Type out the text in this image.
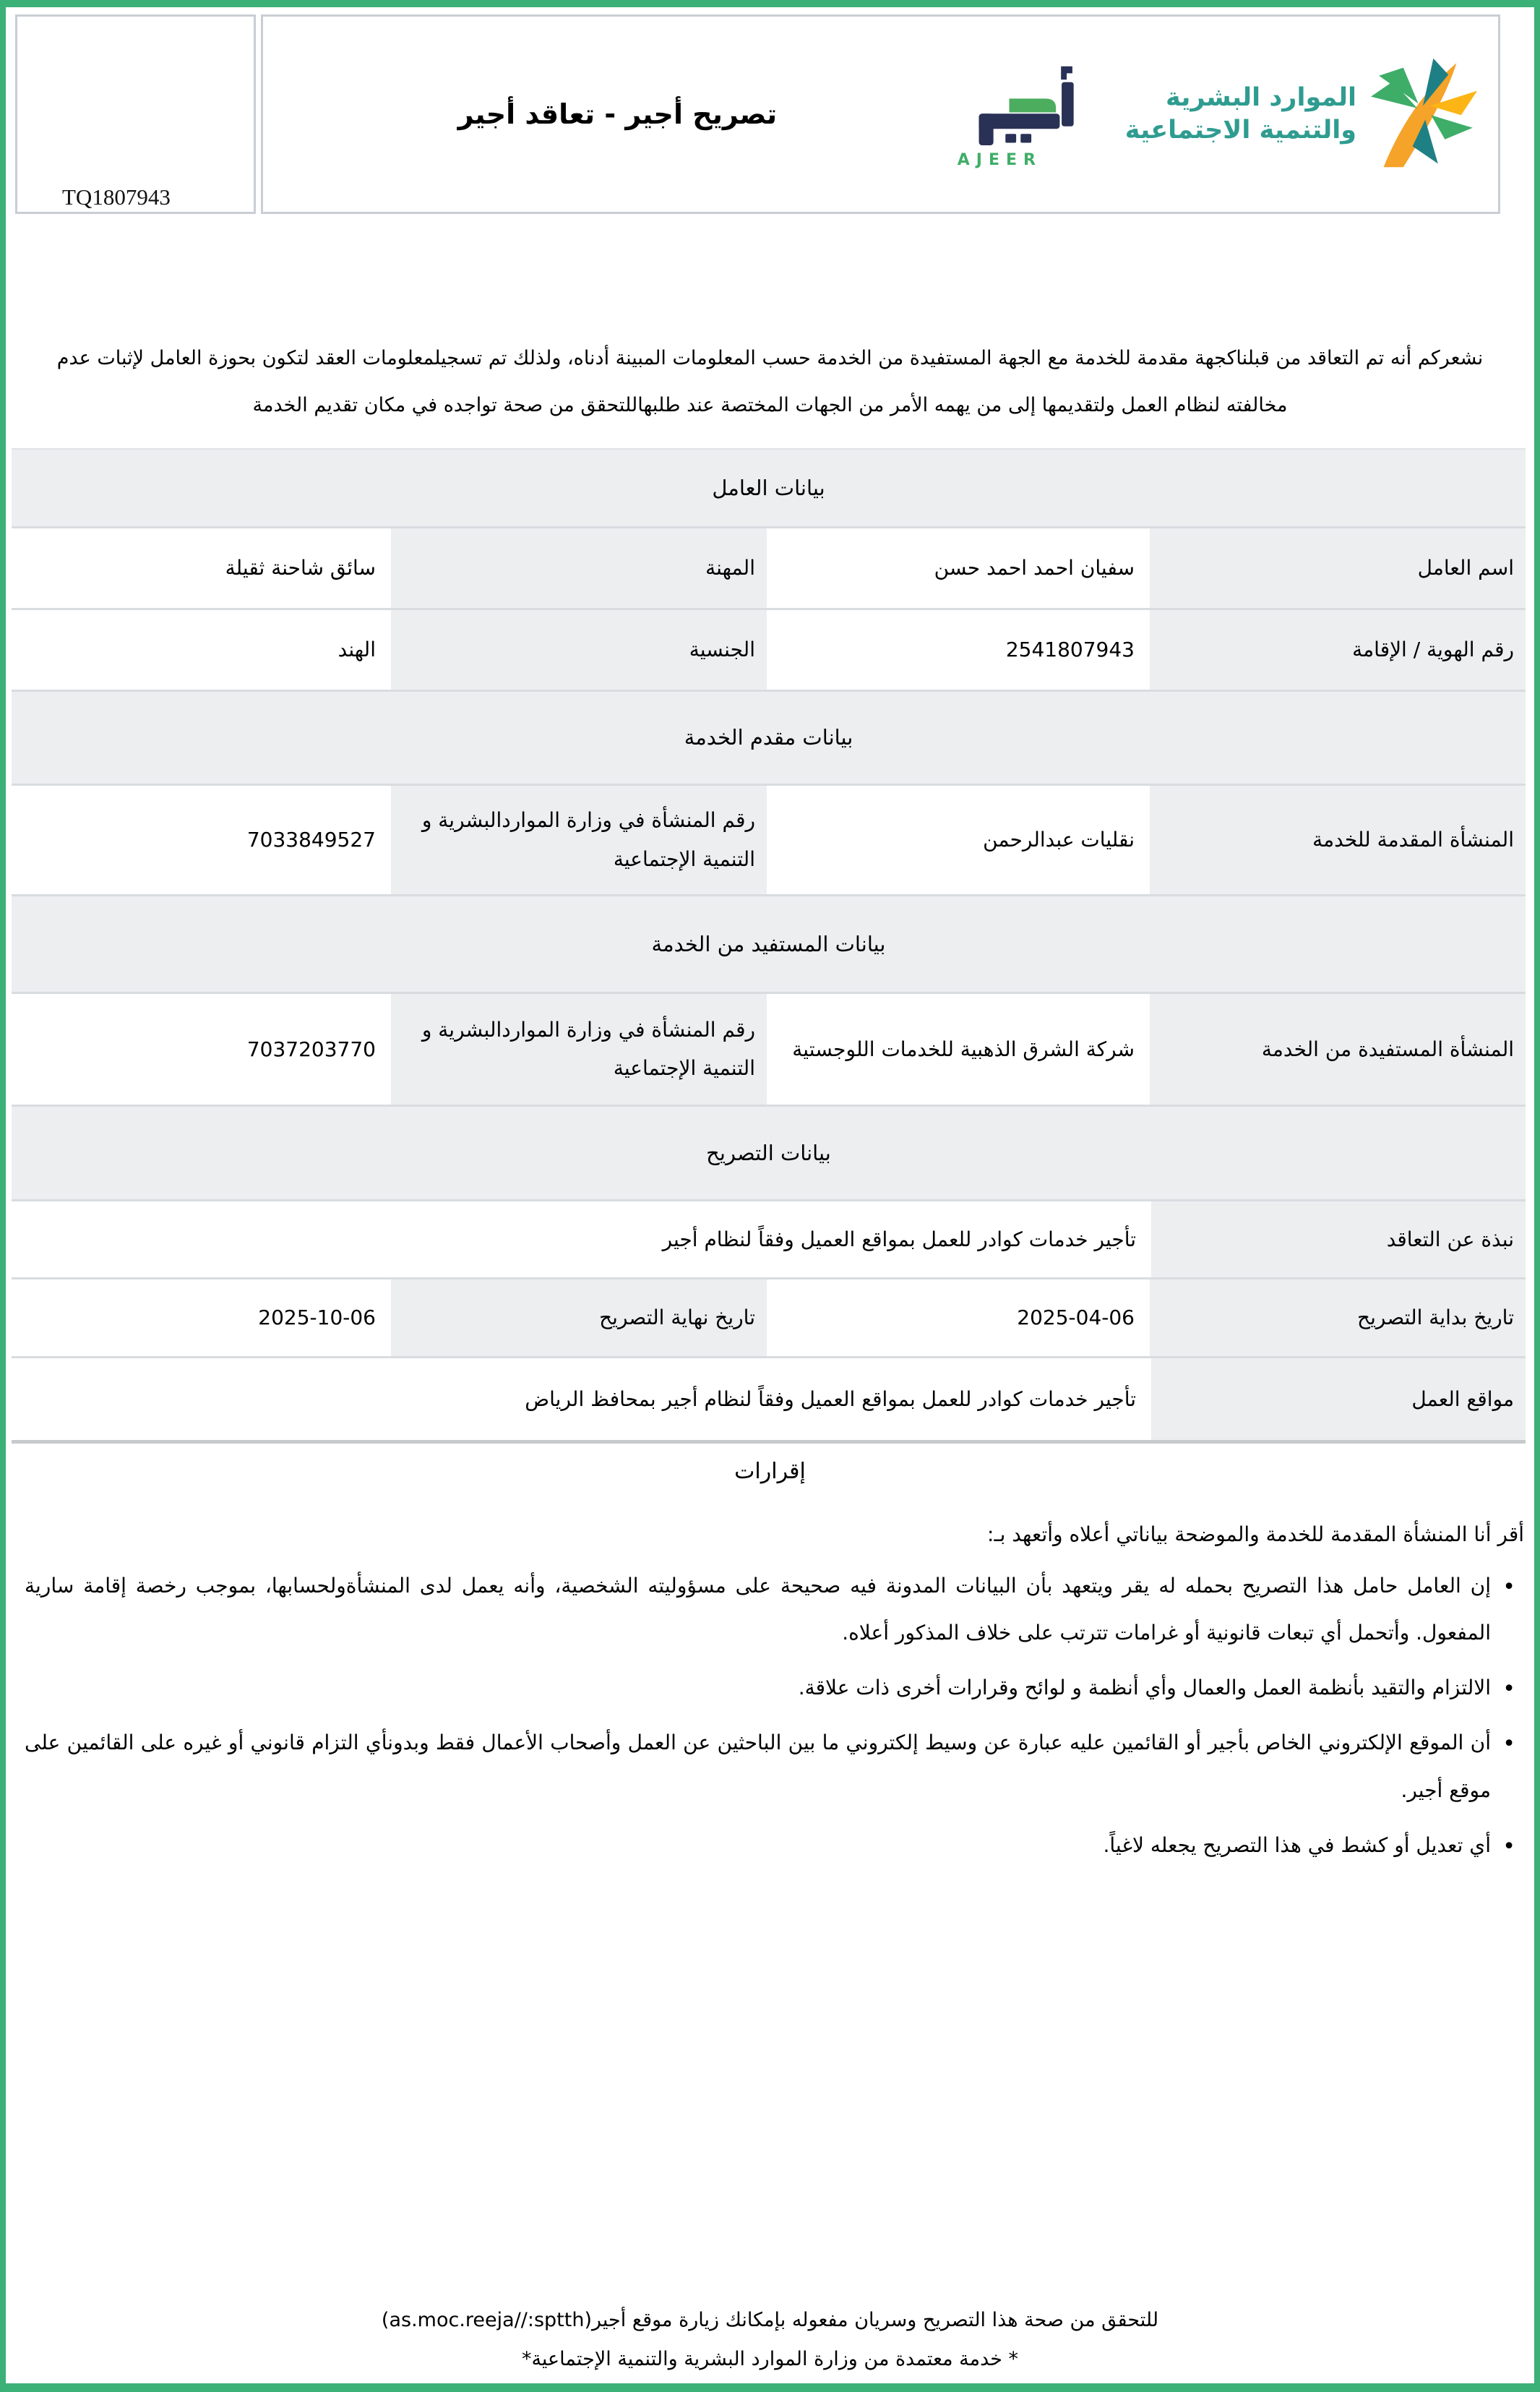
الموارد البشرية
والتنمية الاجتماعية
AJEER
تصريح أجير - تعاقد أجير
TQ1807943

نشعركم أنه تم التعاقد من قبلناكجهة مقدمة للخدمة مع الجهة المستفيدة من الخدمة حسب المعلومات المبينة أدناه، ولذلك تم تسجيلمعلومات العقد لتكون بحوزة العامل لإثبات عدم مخالفته لنظام العمل ولتقديمها إلى من يهمه الأمر من الجهات المختصة عند طلبهاللتحقق من صحة تواجده في مكان تقديم الخدمة

بيانات العامل
اسم العامل
سفيان احمد احمد حسن
المهنة
سائق شاحنة ثقيلة
رقم الهوية / الإقامة
2541807943
الجنسية
الهند
بيانات مقدم الخدمة
المنشأة المقدمة للخدمة
نقليات عبدالرحمن
رقم المنشأة في وزارة المواردالبشرية و التنمية الإجتماعية
7033849527
بيانات المستفيد من الخدمة
المنشأة المستفيدة من الخدمة
شركة الشرق الذهبية للخدمات اللوجستية
رقم المنشأة في وزارة المواردالبشرية و التنمية الإجتماعية
7037203770
بيانات التصريح
نبذة عن التعاقد
تأجير خدمات كوادر للعمل بمواقع العميل وفقاً لنظام أجير
تاريخ بداية التصريح
2025-04-06
تاريخ نهاية التصريح
2025-10-06
مواقع العمل
تأجير خدمات كوادر للعمل بمواقع العميل وفقاً لنظام أجير بمحافظ الرياض
إقرارات

أقر أنا المنشأة المقدمة للخدمة والموضحة بياناتي أعلاه وأتعهد بـ:

• إن العامل حامل هذا التصريح بحمله له يقر ويتعهد بأن البيانات المدونة فيه صحيحة على مسؤوليته الشخصية، وأنه يعمل لدى المنشأةولحسابها، بموجب رخصة إقامة سارية المفعول. وأتحمل أي تبعات قانونية أو غرامات تترتب على خلاف المذكور أعلاه.
• الالتزام والتقيد بأنظمة العمل والعمال وأي أنظمة و لوائح وقرارات أخرى ذات علاقة.
• أن الموقع الإلكتروني الخاص بأجير أو القائمين عليه عبارة عن وسيط إلكتروني ما بين الباحثين عن العمل وأصحاب الأعمال فقط وبدونأي التزام قانوني أو غيره على القائمين على موقع أجير.
• أي تعديل أو كشط في هذا التصريح يجعله لاغياً.

للتحقق من صحة هذا التصريح وسريان مفعوله بإمكانك زيارة موقع أجير(as.moc.reeja//:sptth)

* خدمة معتمدة من وزارة الموارد البشرية والتنمية الإجتماعية*
